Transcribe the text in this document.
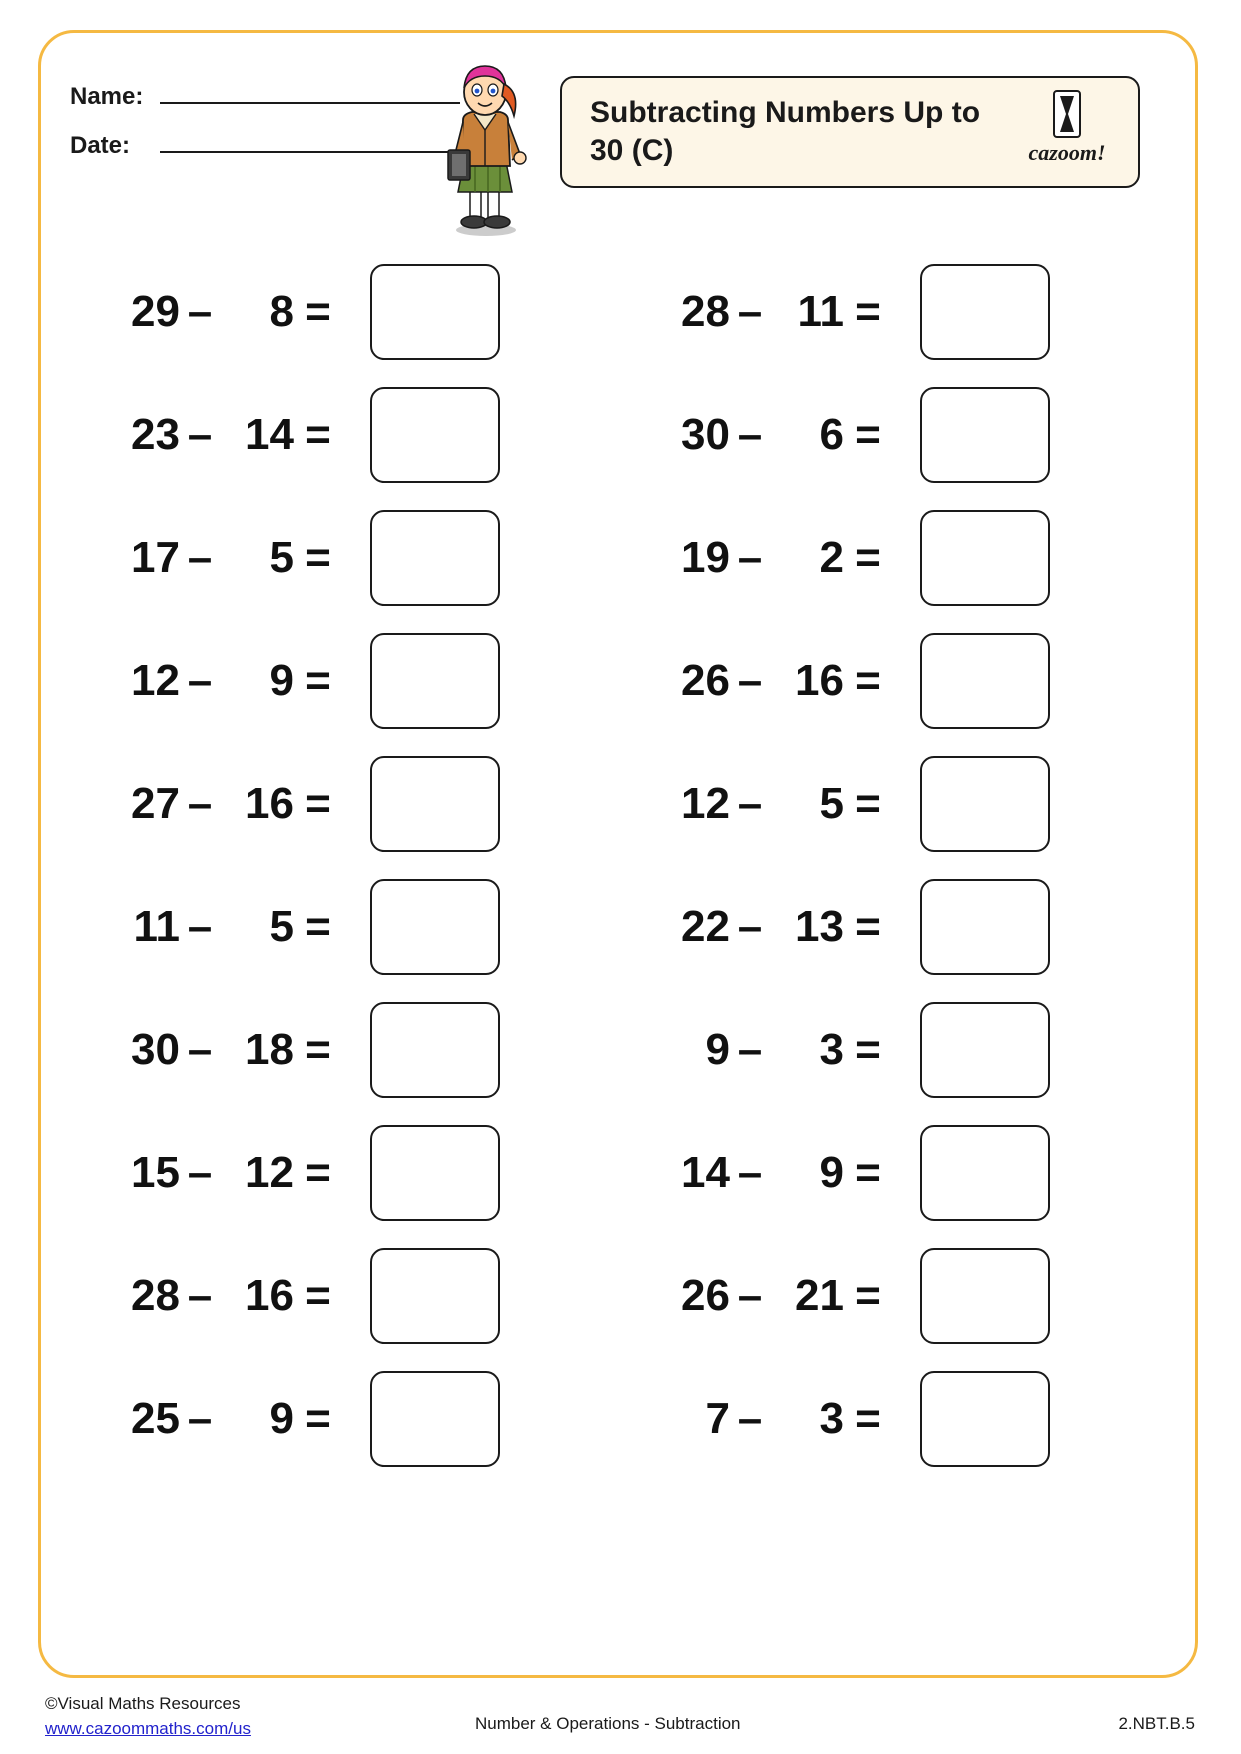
Name:
Date:
Subtracting Numbers Up to 30 (C)	cazoom!
29 –	8 =	28 – 11 =
23 – 14 =	30 –	6 =
17 –	5 =	19 –	2 =
12 –	9 =	26 – 16 =
27 – 16 =	12 –	5 =
11 –	5 =	22 – 13 =
30 – 18 =	9 –	3 =
15 – 12 =	14 –	9 =
28 – 16 =	26 – 21 =
25 –	9 =	7 –	3 =
©Visual Maths Resources
www.cazoommaths.com/us	Number & Operations - Subtraction	2.NBT.B.5
